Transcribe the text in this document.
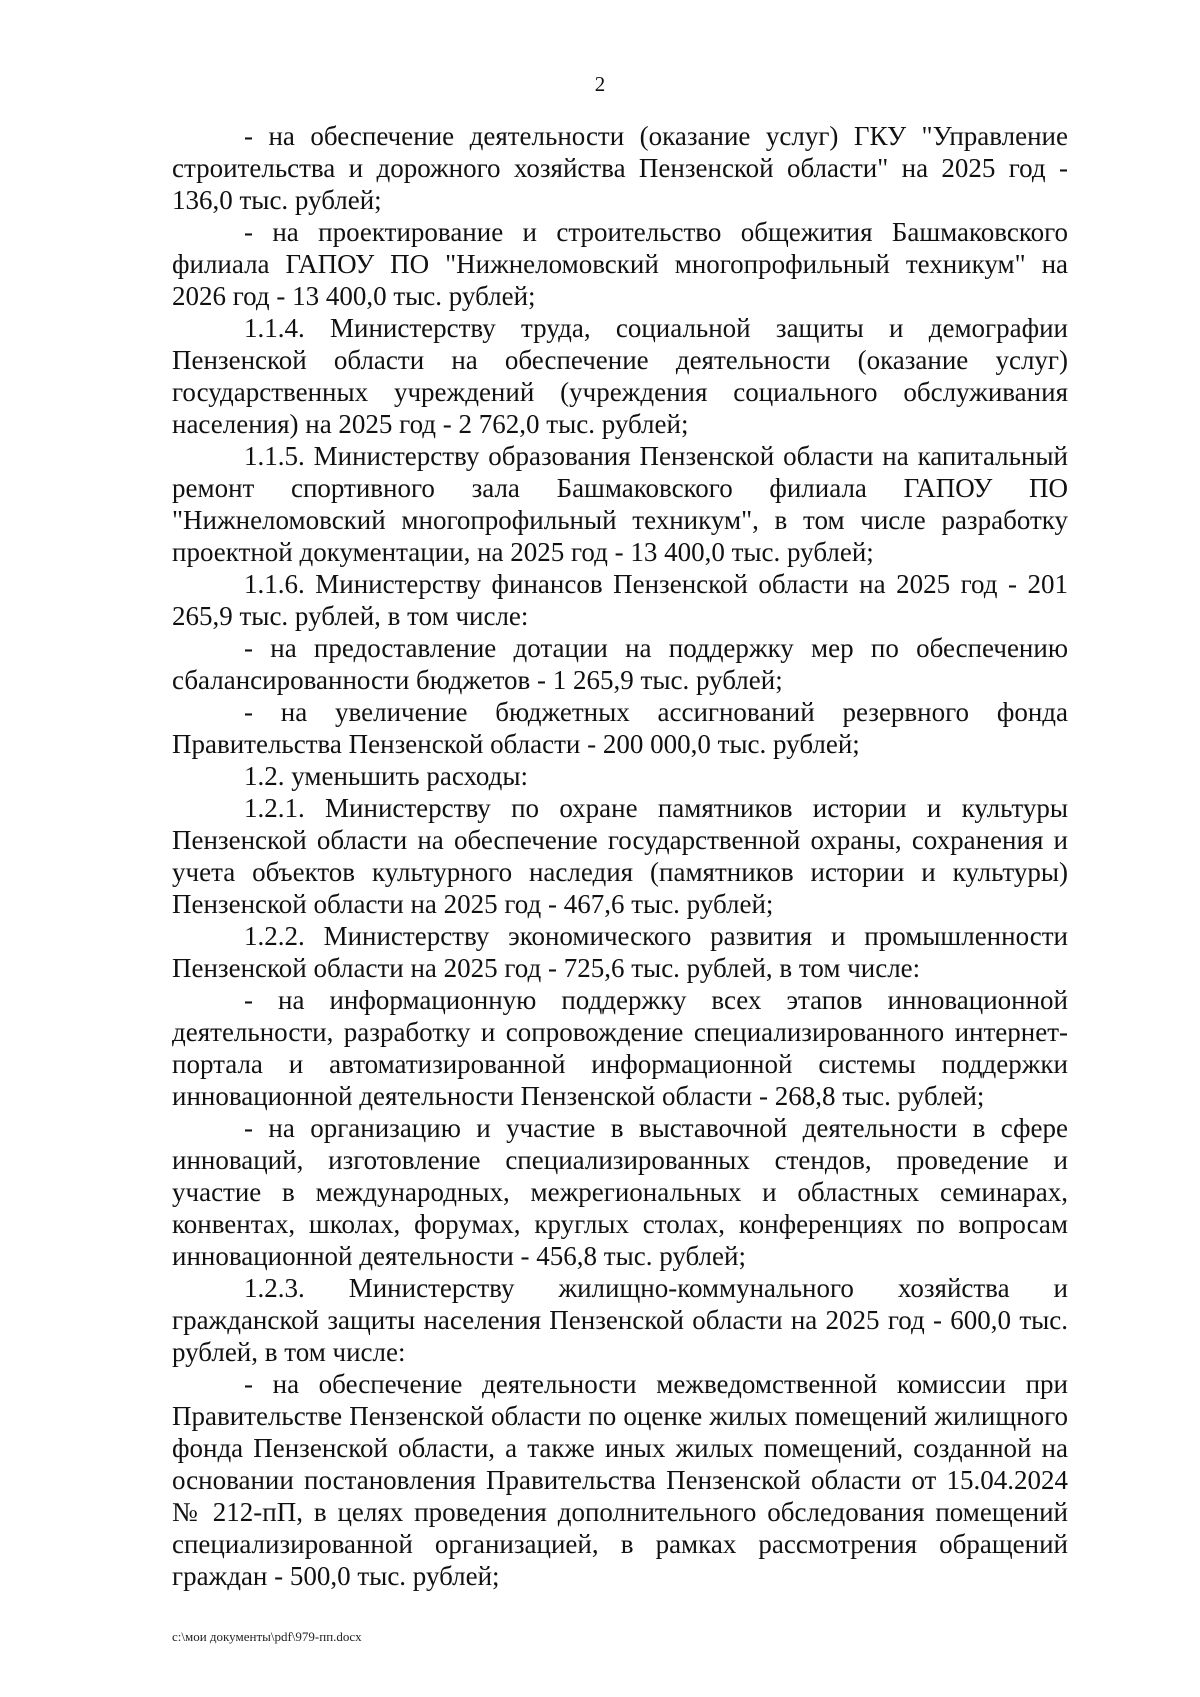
2

- на обеспечение деятельности (оказание услуг) ГКУ "Управление строительства и дорожного хозяйства Пензенской области" на 2025 год - 136,0 тыс. рублей;

- на проектирование и строительство общежития Башмаковского филиала ГАПОУ ПО "Нижнеломовский многопрофильный техникум" на 2026 год - 13 400,0 тыс. рублей;

1.1.4. Министерству труда, социальной защиты и демографии Пензенской области на обеспечение деятельности (оказание услуг) государственных учреждений (учреждения социального обслуживания населения) на 2025 год - 2 762,0 тыс. рублей;

1.1.5. Министерству образования Пензенской области на капитальный ремонт спортивного зала Башмаковского филиала ГАПОУ ПО "Нижнеломовский многопрофильный техникум", в том числе разработку проектной документации, на 2025 год - 13 400,0 тыс. рублей;

1.1.6. Министерству финансов Пензенской области на 2025 год - 201 265,9 тыс. рублей, в том числе:

- на предоставление дотации на поддержку мер по обеспечению сбалансированности бюджетов - 1 265,9 тыс. рублей;

- на увеличение бюджетных ассигнований резервного фонда Правительства Пензенской области - 200 000,0 тыс. рублей;

1.2. уменьшить расходы:

1.2.1. Министерству по охране памятников истории и культуры Пензенской области на обеспечение государственной охраны, сохранения и учета объектов культурного наследия (памятников истории и культуры) Пензенской области на 2025 год - 467,6 тыс. рублей;

1.2.2. Министерству экономического развития и промышленности Пензенской области на 2025 год - 725,6 тыс. рублей, в том числе:

- на информационную поддержку всех этапов инновационной деятельности, разработку и сопровождение специализированного интернет-портала и автоматизированной информационной системы поддержки инновационной деятельности Пензенской области - 268,8 тыс. рублей;

- на организацию и участие в выставочной деятельности в сфере инноваций, изготовление специализированных стендов, проведение и участие в международных, межрегиональных и областных семинарах, конвентах, школах, форумах, круглых столах, конференциях по вопросам инновационной деятельности - 456,8 тыс. рублей;

1.2.3. Министерству жилищно-коммунального хозяйства и гражданской защиты населения Пензенской области на 2025 год - 600,0 тыс. рублей, в том числе:

- на обеспечение деятельности межведомственной комиссии при Правительстве Пензенской области по оценке жилых помещений жилищного фонда Пензенской области, а также иных жилых помещений, созданной на основании постановления Правительства Пензенской области от 15.04.2024 № 212-пП, в целях проведения дополнительного обследования помещений специализированной организацией, в рамках рассмотрения обращений граждан - 500,0 тыс. рублей;

c:\мои документы\pdf\979-пп.docx
